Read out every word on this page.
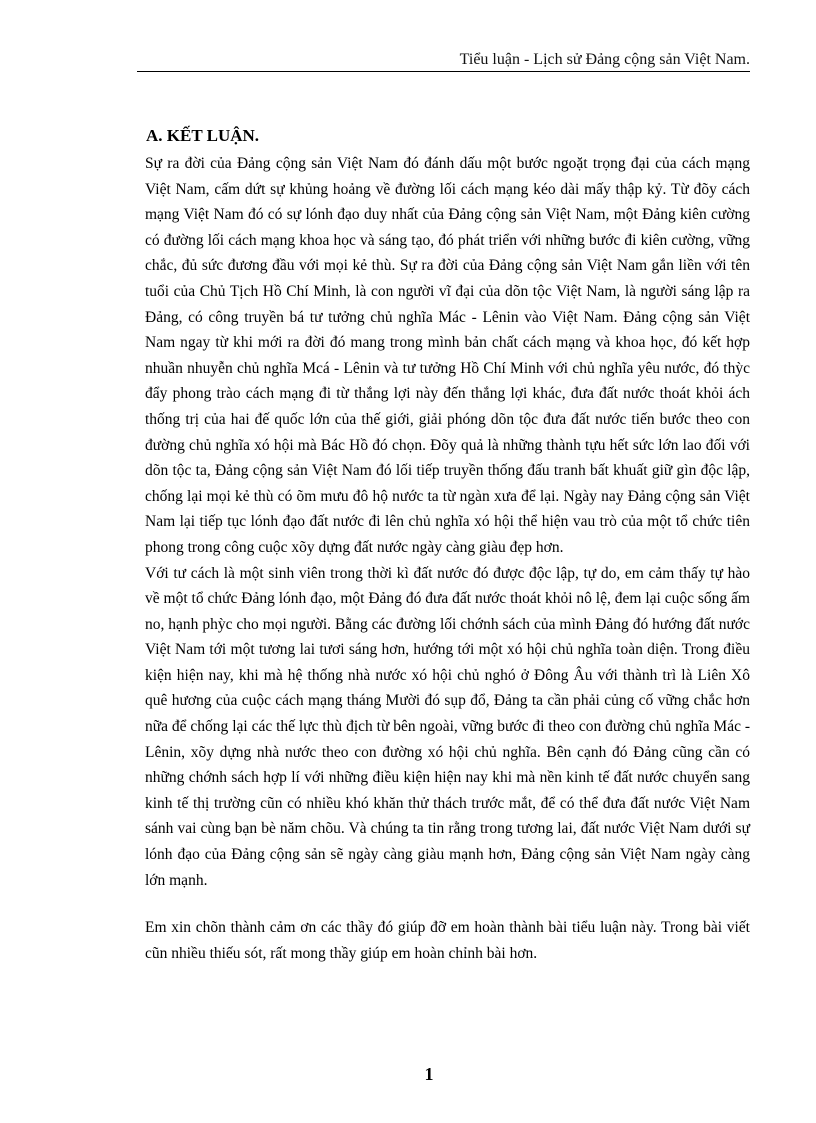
Tiểu luận - Lịch sử Đảng cộng sản Việt Nam.
A. KẾT LUẬN.

Sự ra đời của Đảng cộng sản Việt Nam đó đánh dấu một bước ngoặt trọng đại của cách mạng Việt Nam, cấm dứt sự khủng hoảng về đường lối cách mạng kéo dài mấy thập kỷ. Từ đõy cách mạng Việt Nam đó có sự lónh đạo duy nhất của Đảng cộng sản Việt Nam, một Đảng kiên cường có đường lối cách mạng khoa học và sáng tạo, đó phát triển với những bước đi kiên cường, vững chắc, đủ sức đương đầu với mọi kẻ thù. Sự ra đời của Đảng cộng sản Việt Nam gắn liền với tên tuổi của Chủ Tịch Hồ Chí Minh, là con người vĩ đại của dõn tộc Việt Nam, là người sáng lập ra Đảng, có công truyền bá tư tưởng chủ nghĩa Mác - Lênin vào Việt Nam. Đảng cộng sản Việt Nam ngay từ khi mới ra đời đó mang trong mình bản chất cách mạng và khoa học, đó kết hợp nhuần nhuyễn chủ nghĩa Mcá - Lênin và tư tưởng Hồ Chí Minh với chủ nghĩa yêu nước, đó thỳc đẩy phong trào cách mạng đi từ thắng lợi này đến thắng lợi khác, đưa đất nước thoát khỏi ách thống trị của hai đế quốc lớn của thế giới, giải phóng dõn tộc đưa đất nước tiến bước theo con đường chủ nghĩa xó hội mà Bác Hồ đó chọn. Đõy quả là những thành tựu hết sức lớn lao đối với dõn tộc ta, Đảng cộng sản Việt Nam đó lối tiếp truyền thống đấu tranh bất khuất giữ gìn độc lập, chống lại mọi kẻ thù có õm mưu đô hộ nước ta từ ngàn xưa để lại. Ngày nay Đảng cộng sản Việt Nam lại tiếp tục lónh đạo đất nước đi lên chủ nghĩa xó hội thể hiện vau trò của một tổ chức tiên phong trong công cuộc xõy dựng đất nước ngày càng giàu đẹp hơn.

Với tư cách là một sinh viên trong thời kì đất nước đó được độc lập, tự do, em cảm thấy tự hào về một tổ chức Đảng lónh đạo, một Đảng đó đưa đất nước thoát khỏi nô lệ, đem lại cuộc sống ấm no, hạnh phỳc cho mọi người. Bằng các đường lối chớnh sách của mình Đảng đó hướng đất nước Việt Nam tới một tương lai tươi sáng hơn, hướng tới một xó hội chủ nghĩa toàn diện. Trong điều kiện hiện nay, khi mà hệ thống nhà nước xó hội chủ nghó ở Đông Âu với thành trì là Liên Xô quê hương của cuộc cách mạng tháng Mười đó sụp đổ, Đảng ta cần phải củng cố vững chắc hơn nữa để chống lại các thế lực thù địch từ bên ngoài, vững bước đi theo con đường chủ nghĩa Mác - Lênin, xõy dựng nhà nước theo con đường xó hội chủ nghĩa. Bên cạnh đó Đảng cũng cần có những chớnh sách hợp lí với những điều kiện hiện nay khi mà nền kinh tế đất nước chuyển sang kinh tế thị trường cũn có nhiều khó khăn thử thách trước mắt, để có thể đưa đất nước Việt Nam sánh vai cùng bạn bè năm chõu. Và chúng ta tin rằng trong tương lai, đất nước Việt Nam dưới sự lónh đạo của Đảng cộng sản sẽ ngày càng giàu mạnh hơn, Đảng cộng sản Việt Nam ngày càng lớn mạnh.

Em xin chõn thành cảm ơn các thầy đó giúp đỡ em hoàn thành bài tiểu luận này. Trong bài viết cũn nhiều thiếu sót, rất mong thầy giúp em hoàn chỉnh bài hơn.

1
